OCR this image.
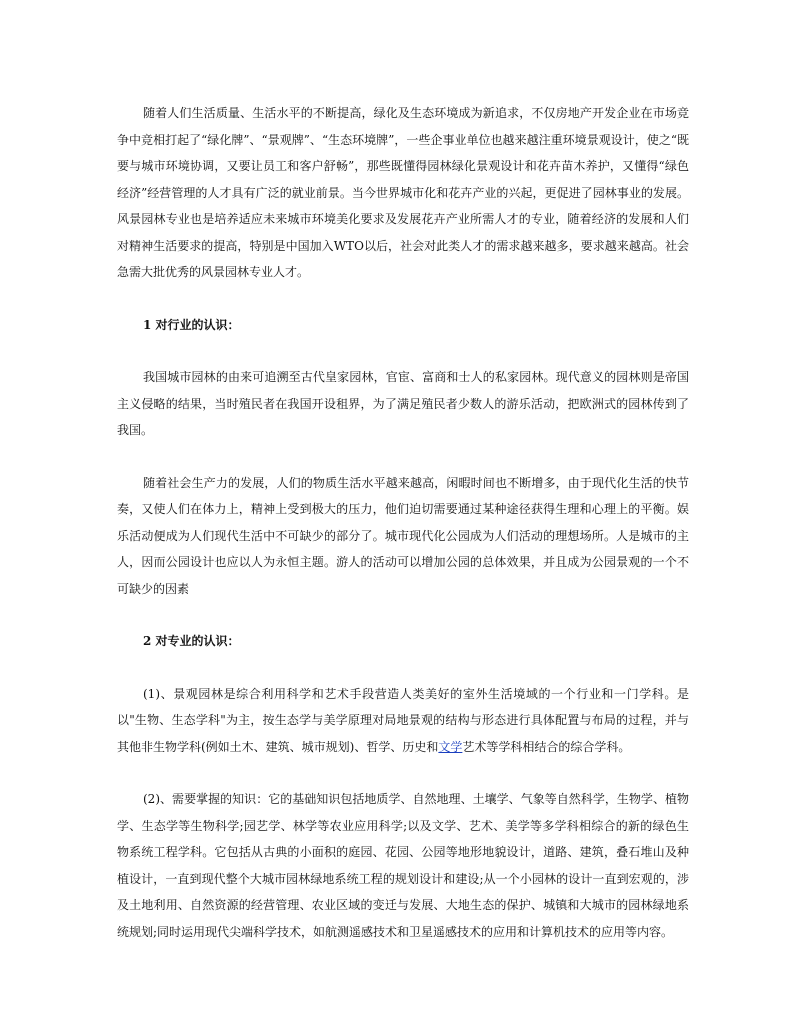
随着人们生活质量、生活水平的不断提高，绿化及生态环境成为新追求，不仅房地产开发企业在市场竞争中竞相打起了“绿化牌”、“景观牌”、“生态环境牌”，一些企事业单位也越来越注重环境景观设计，使之“既要与城市环境协调，又要让员工和客户舒畅”，那些既懂得园林绿化景观设计和花卉苗木养护，又懂得“绿色经济”经营管理的人才具有广泛的就业前景。当今世界城市化和花卉产业的兴起，更促进了园林事业的发展。风景园林专业也是培养适应未来城市环境美化要求及发展花卉产业所需人才的专业，随着经济的发展和人们对精神生活要求的提高，特别是中国加入WTO以后，社会对此类人才的需求越来越多，要求越来越高。社会急需大批优秀的风景园林专业人才。

1 对行业的认识：

我国城市园林的由来可追溯至古代皇家园林，官宦、富商和士人的私家园林。现代意义的园林则是帝国主义侵略的结果，当时殖民者在我国开设租界，为了满足殖民者少数人的游乐活动，把欧洲式的园林传到了我国。

随着社会生产力的发展，人们的物质生活水平越来越高，闲暇时间也不断增多，由于现代化生活的快节奏，又使人们在体力上，精神上受到极大的压力，他们迫切需要通过某种途径获得生理和心理上的平衡。娱乐活动便成为人们现代生活中不可缺少的部分了。城市现代化公园成为人们活动的理想场所。人是城市的主人，因而公园设计也应以人为永恒主题。游人的活动可以增加公园的总体效果，并且成为公园景观的一个不可缺少的因素

2 对专业的认识：

(1)、景观园林是综合利用科学和艺术手段营造人类美好的室外生活境域的一个行业和一门学科。是以"生物、生态学科"为主，按生态学与美学原理对局地景观的结构与形态进行具体配置与布局的过程，并与其他非生物学科(例如土木、建筑、城市规划)、哲学、历史和文学艺术等学科相结合的综合学科。

(2)、需要掌握的知识：它的基础知识包括地质学、自然地理、土壤学、气象等自然科学，生物学、植物学、生态学等生物科学;园艺学、林学等农业应用科学;以及文学、艺术、美学等多学科相综合的新的绿色生物系统工程学科。它包括从古典的小面积的庭园、花园、公园等地形地貌设计，道路、建筑，叠石堆山及种植设计，一直到现代整个大城市园林绿地系统工程的规划设计和建设;从一个小园林的设计一直到宏观的，涉及土地利用、自然资源的经营管理、农业区域的变迁与发展、大地生态的保护、城镇和大城市的园林绿地系统规划;同时运用现代尖端科学技术，如航测遥感技术和卫星遥感技术的应用和计算机技术的应用等内容。
